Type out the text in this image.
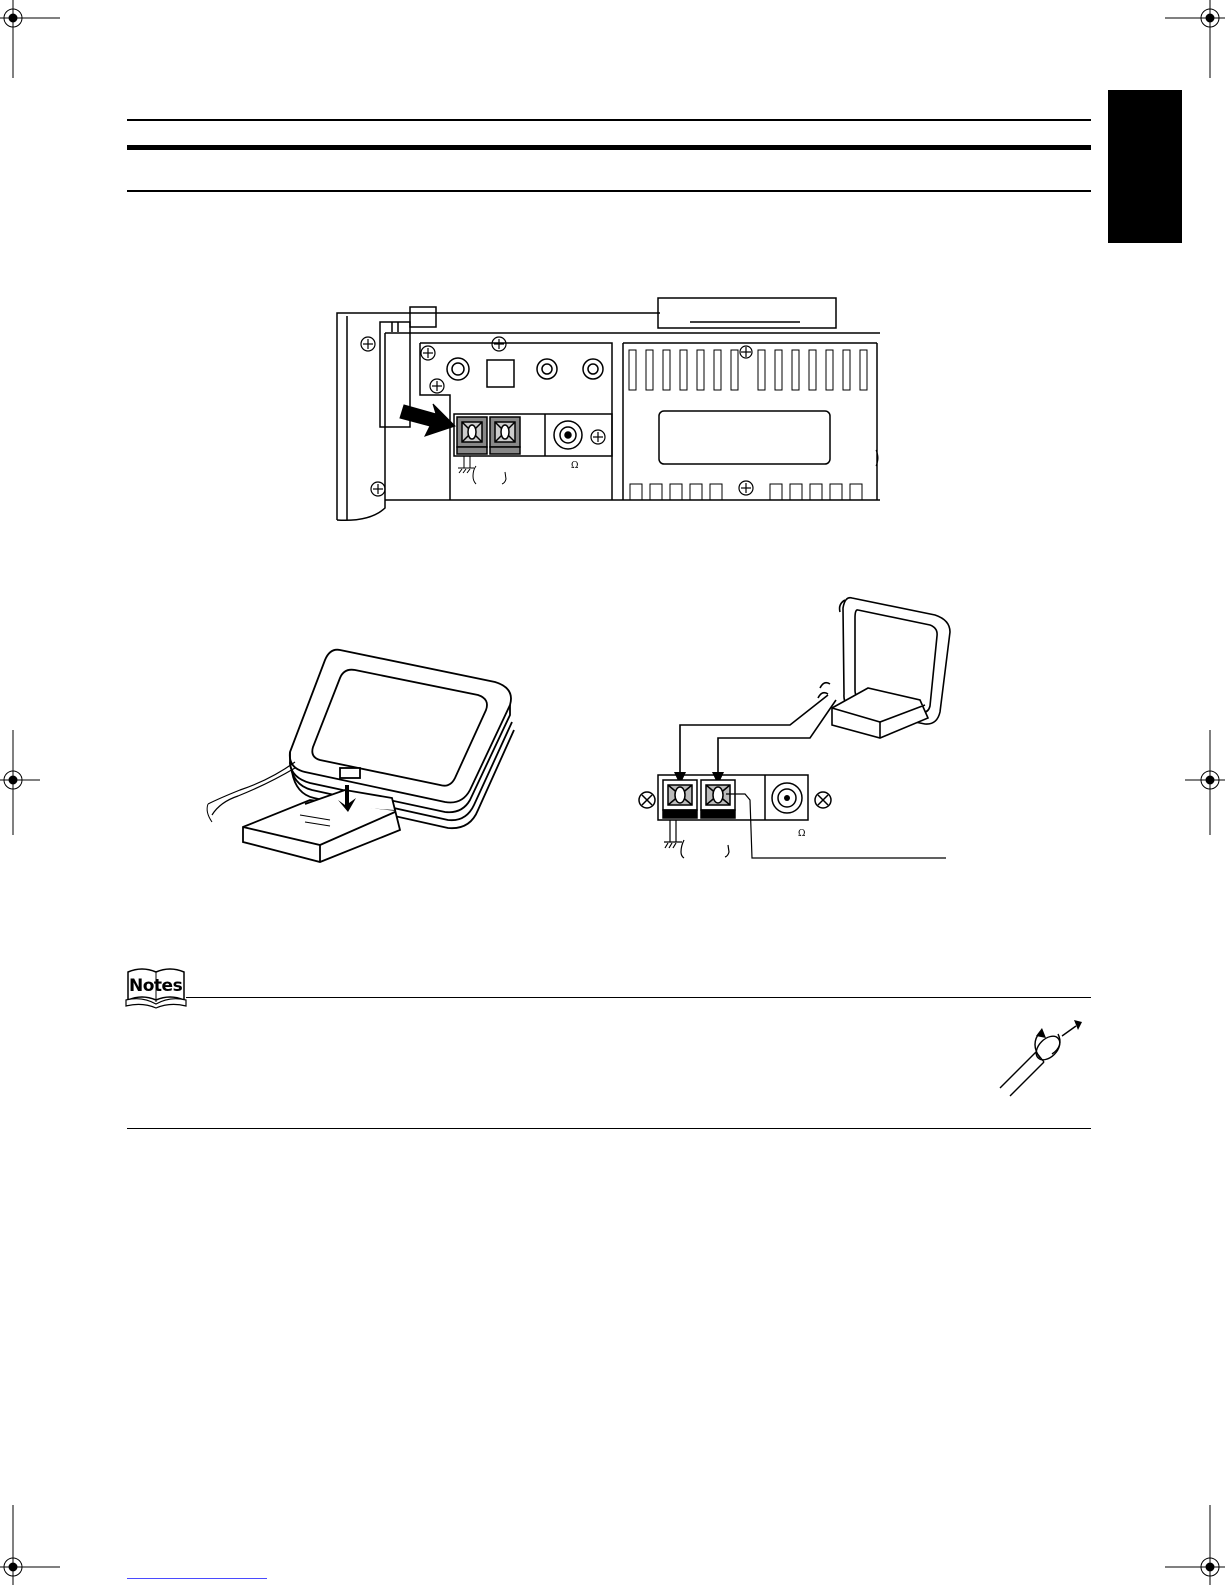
Ω
Ω
Notes
